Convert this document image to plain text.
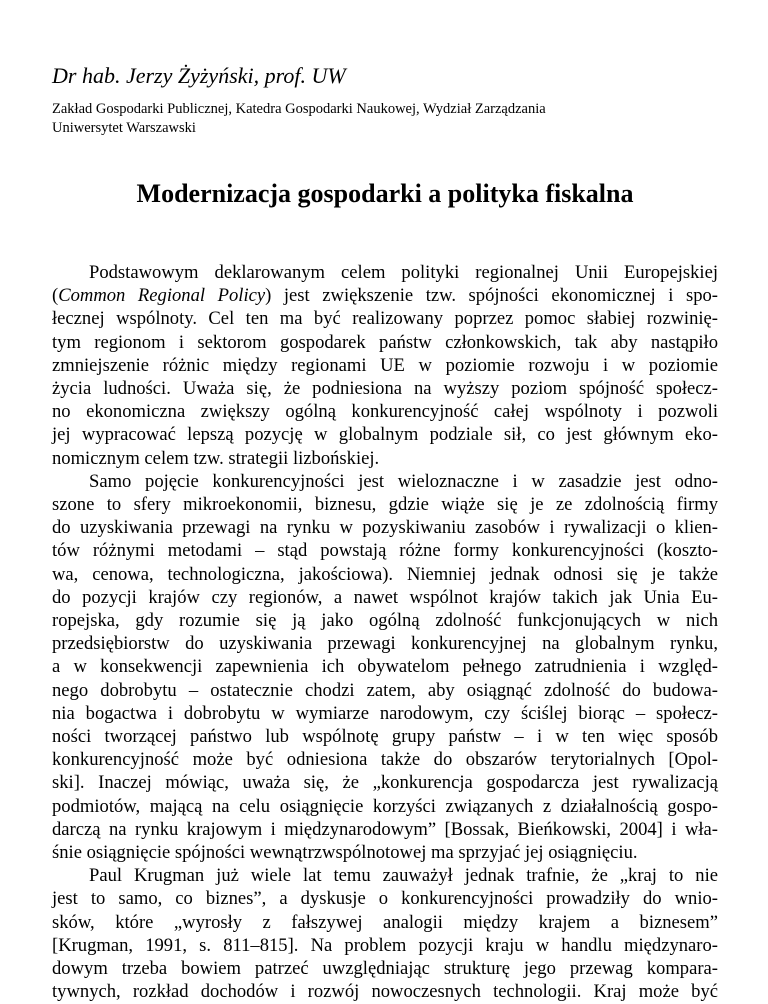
Dr hab. Jerzy Żyżyński, prof. UW

Zakład Gospodarki Publicznej, Katedra Gospodarki Naukowej, Wydział Zarządzania

Uniwersytet Warszawski

Modernizacja gospodarki a polityka fiskalna
Podstawowym deklarowanym celem polityki regionalnej Unii Europejskiej
(Common Regional Policy) jest zwiększenie tzw. spójności ekonomicznej i spo-
łecznej wspólnoty. Cel ten ma być realizowany poprzez pomoc słabiej rozwinię-
tym regionom i sektorom gospodarek państw członkowskich, tak aby nastąpiło
zmniejszenie różnic między regionami UE w poziomie rozwoju i w poziomie
życia ludności. Uważa się, że podniesiona na wyższy poziom spójność społecz-
no ekonomiczna zwiększy ogólną konkurencyjność całej wspólnoty i pozwoli
jej wypracować lepszą pozycję w globalnym podziale sił, co jest głównym eko-
nomicznym celem tzw. strategii lizbońskiej.
Samo pojęcie konkurencyjności jest wieloznaczne i w zasadzie jest odno-
szone to sfery mikroekonomii, biznesu, gdzie wiąże się je ze zdolnością firmy
do uzyskiwania przewagi na rynku w pozyskiwaniu zasobów i rywalizacji o klien-
tów różnymi metodami – stąd powstają różne formy konkurencyjności (koszto-
wa, cenowa, technologiczna, jakościowa). Niemniej jednak odnosi się je także
do pozycji krajów czy regionów, a nawet wspólnot krajów takich jak Unia Eu-
ropejska, gdy rozumie się ją jako ogólną zdolność funkcjonujących w nich
przedsiębiorstw do uzyskiwania przewagi konkurencyjnej na globalnym rynku,
a w konsekwencji zapewnienia ich obywatelom pełnego zatrudnienia i względ-
nego dobrobytu – ostatecznie chodzi zatem, aby osiągnąć zdolność do budowa-
nia bogactwa i dobrobytu w wymiarze narodowym, czy ściślej biorąc – społecz-
ności tworzącej państwo lub wspólnotę grupy państw – i w ten więc sposób
konkurencyjność może być odniesiona także do obszarów terytorialnych [Opol-
ski]. Inaczej mówiąc, uważa się, że „konkurencja gospodarcza jest rywalizacją
podmiotów, mającą na celu osiągnięcie korzyści związanych z działalnością gospo-
darczą na rynku krajowym i międzynarodowym” [Bossak, Bieńkowski, 2004] i wła-
śnie osiągnięcie spójności wewnątrzwspólnotowej ma sprzyjać jej osiągnięciu.
Paul Krugman już wiele lat temu zauważył jednak trafnie, że „kraj to nie
jest to samo, co biznes”, a dyskusje o konkurencyjności prowadziły do wnio-
sków, które „wyrosły z fałszywej analogii między krajem a biznesem”
[Krugman, 1991, s. 811–815]. Na problem pozycji kraju w handlu międzynaro-
dowym trzeba bowiem patrzeć uwzględniając strukturę jego przewag kompara-
tywnych, rozkład dochodów i rozwój nowoczesnych technologii. Kraj może być
